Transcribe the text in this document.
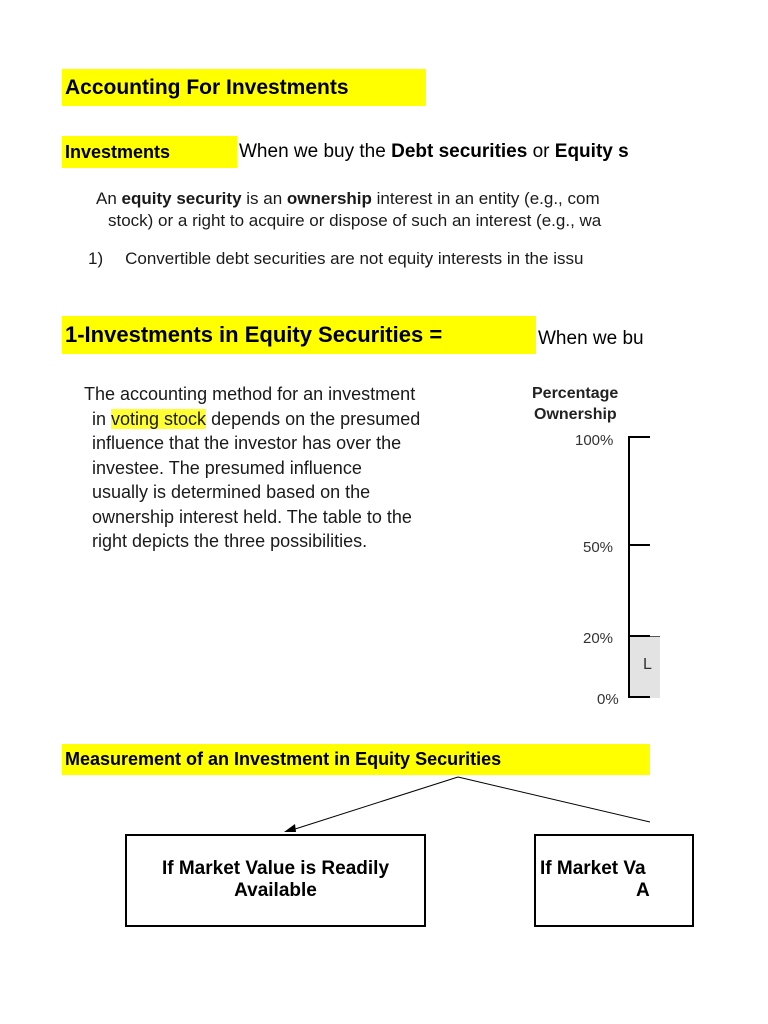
Accounting For Investments
Investments	When we buy the Debt securities or Equity s
An equity security is an ownership interest in an entity (e.g., com
stock) or a right to acquire or dispose of such an interest (e.g., wa
1) Convertible debt securities are not equity interests in the issu
1-Investments in Equity Securities =	When we bu
The accounting method for an investment
in voting stock depends on the presumed
influence that the investor has over the
investee. The presumed influence
usually is determined based on the
ownership interest held. The table to the
right depicts the three possibilities.
Percentage
Ownership
100%
50%
20%
0%
L
Measurement of an Investment in Equity Securities
If Market Value is Readily
Available
If Market Va
A
